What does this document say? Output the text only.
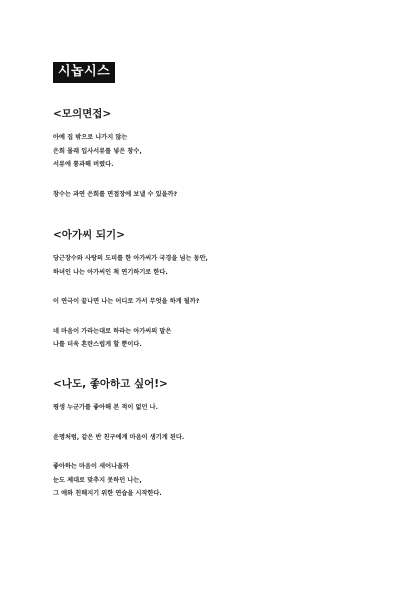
시놉시스
<모의면접>
아예 집 밖으로 나가지 않는
은희 몰래 입사서류를 넣은 창수,
서류에 통과해 버렸다.
창수는 과연 은희를 면접장에 보낼 수 있을까?
<아가씨 되기>
당근장수와 사랑의 도피를 한 아가씨가 국경을 넘는 동안,
하녀인 나는 아가씨인 척 연기하기로 한다.
이 연극이 끝나면 나는 어디로 가서 무엇을 하게 될까?
네 마음이 가라는대로 하라는 아가씨의 말은
나를 더욱 혼란스럽게 할 뿐이다.
<나도, 좋아하고 싶어!>
평생 누군가를 좋아해 본 적이 없던 나.
운명처럼, 같은 반 친구에게 마음이 생기게 된다.
좋아하는 마음이 새어나올까
눈도 제대로 맞추지 못하던 나는,
그 애와 친해지기 위한 연습을 시작한다.
